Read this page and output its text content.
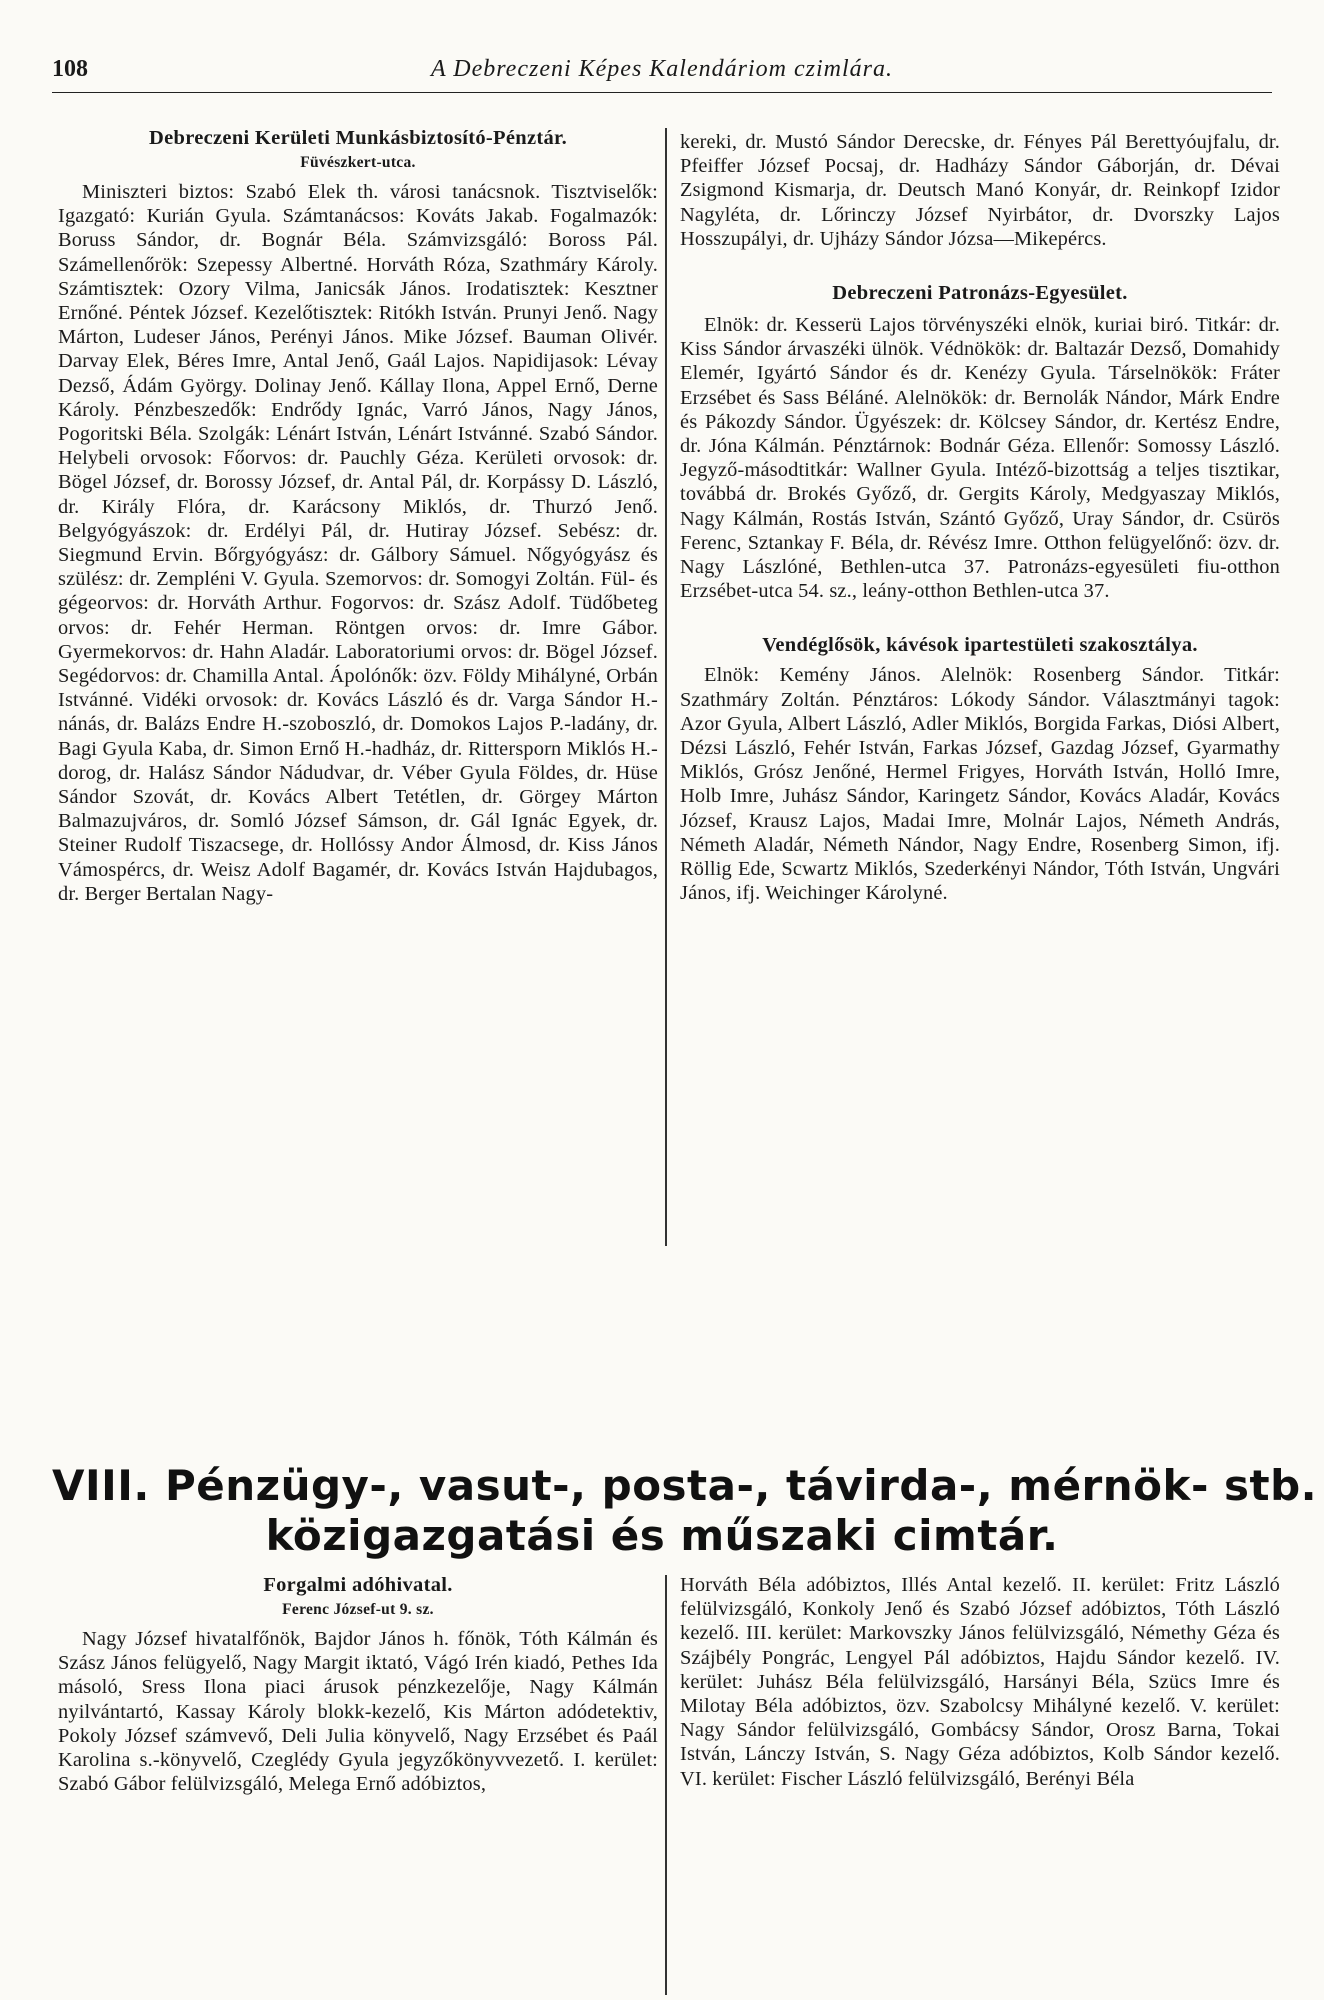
108	A Debreczeni Képes Kalendáriom czimlára.
Debreczeni Kerületi Munkásbiztosító-Pénztár.
Füvészkert-utca.

Miniszteri biztos: Szabó Elek th. városi tanácsnok. Tisztviselők: Igazgató: Kurián Gyula. Számtanácsos: Kováts Jakab. Fogalmazók: Boruss Sándor, dr. Bognár Béla. Számvizsgáló: Boross Pál. Számellenőrök: Szepessy Albertné. Horváth Róza, Szathmáry Károly. Számtisztek: Ozory Vilma, Janicsák János. Irodatisztek: Kesztner Ernőné. Péntek József. Kezelőtisztek: Ritókh István. Prunyi Jenő. Nagy Márton, Ludeser János, Perényi János. Mike József. Bauman Olivér. Darvay Elek, Béres Imre, Antal Jenő, Gaál Lajos. Napidijasok: Lévay Dezső, Ádám György. Dolinay Jenő. Kállay Ilona, Appel Ernő, Derne Károly. Pénzbeszedők: Endrődy Ignác, Varró János, Nagy János, Pogoritski Béla. Szolgák: Lénárt István, Lénárt Istvánné. Szabó Sándor. Helybeli orvosok: Főorvos: dr. Pauchly Géza. Kerületi orvosok: dr. Bögel József, dr. Borossy József, dr. Antal Pál, dr. Korpássy D. László, dr. Király Flóra, dr. Karácsony Miklós, dr. Thurzó Jenő. Belgyógyászok: dr. Erdélyi Pál, dr. Hutiray József. Sebész: dr. Siegmund Ervin. Bőrgyógyász: dr. Gálbory Sámuel. Nőgyógyász és szülész: dr. Zempléni V. Gyula. Szemorvos: dr. Somogyi Zoltán. Fül- és gégeorvos: dr. Horváth Arthur. Fogorvos: dr. Szász Adolf. Tüdőbeteg orvos: dr. Fehér Herman. Röntgen orvos: dr. Imre Gábor. Gyermekorvos: dr. Hahn Aladár. Laboratoriumi orvos: dr. Bögel József. Segédorvos: dr. Chamilla Antal. Ápolónők: özv. Földy Mihályné, Orbán Istvánné. Vidéki orvosok: dr. Kovács László és dr. Varga Sándor H.-nánás, dr. Balázs Endre H.-szoboszló, dr. Domokos Lajos P.-ladány, dr. Bagi Gyula Kaba, dr. Simon Ernő H.-hadház, dr. Rittersporn Miklós H.-dorog, dr. Halász Sándor Nádudvar, dr. Véber Gyula Földes, dr. Hüse Sándor Szovát, dr. Kovács Albert Tetétlen, dr. Görgey Márton Balmazujváros, dr. Somló József Sámson, dr. Gál Ignác Egyek, dr. Steiner Rudolf Tiszacsege, dr. Hollóssy Andor Álmosd, dr. Kiss János Vámospércs, dr. Weisz Adolf Bagamér, dr. Kovács István Hajdubagos, dr. Berger Bertalan Nagy-

kereki, dr. Mustó Sándor Derecske, dr. Fényes Pál Berettyóujfalu, dr. Pfeiffer József Pocsaj, dr. Hadházy Sándor Gáborján, dr. Dévai Zsigmond Kismarja, dr. Deutsch Manó Konyár, dr. Reinkopf Izidor Nagyléta, dr. Lőrinczy József Nyirbátor, dr. Dvorszky Lajos Hosszupályi, dr. Ujházy Sándor Józsa—Mikepércs.

Debreczeni Patronázs-Egyesület.

Elnök: dr. Kesserü Lajos törvényszéki elnök, kuriai biró. Titkár: dr. Kiss Sándor árvaszéki ülnök. Védnökök: dr. Baltazár Dezső, Domahidy Elemér, Igyártó Sándor és dr. Kenézy Gyula. Társelnökök: Fráter Erzsébet és Sass Béláné. Alelnökök: dr. Bernolák Nándor, Márk Endre és Pákozdy Sándor. Ügyészek: dr. Kölcsey Sándor, dr. Kertész Endre, dr. Jóna Kálmán. Pénztárnok: Bodnár Géza. Ellenőr: Somossy László. Jegyző-másodtitkár: Wallner Gyula. Intéző-bizottság a teljes tisztikar, továbbá dr. Brokés Győző, dr. Gergits Károly, Medgyaszay Miklós, Nagy Kálmán, Rostás István, Szántó Győző, Uray Sándor, dr. Csürös Ferenc, Sztankay F. Béla, dr. Révész Imre. Otthon felügyelőnő: özv. dr. Nagy Lászlóné, Bethlen-utca 37. Patronázs-egyesületi fiu-otthon Erzsébet-utca 54. sz., leány-otthon Bethlen-utca 37.

Vendéglősök, kávésok ipartestületi szakosztálya.

Elnök: Kemény János. Alelnök: Rosenberg Sándor. Titkár: Szathmáry Zoltán. Pénztáros: Lókody Sándor. Választmányi tagok: Azor Gyula, Albert László, Adler Miklós, Borgida Farkas, Diósi Albert, Dézsi László, Fehér István, Farkas József, Gazdag József, Gyarmathy Miklós, Grósz Jenőné, Hermel Frigyes, Horváth István, Holló Imre, Holb Imre, Juhász Sándor, Karingetz Sándor, Kovács Aladár, Kovács József, Krausz Lajos, Madai Imre, Molnár Lajos, Németh András, Németh Aladár, Németh Nándor, Nagy Endre, Rosenberg Simon, ifj. Röllig Ede, Scwartz Miklós, Szederkényi Nándor, Tóth István, Ungvári János, ifj. Weichinger Károlyné.

VIII. Pénzügy-, vasut-, posta-, távirda-, mérnök- stb.
közigazgatási és műszaki cimtár.
Forgalmi adóhivatal.
Ferenc József-ut 9. sz.

Nagy József hivatalfőnök, Bajdor János h. főnök, Tóth Kálmán és Szász János felügyelő, Nagy Margit iktató, Vágó Irén kiadó, Pethes Ida másoló, Sress Ilona piaci árusok pénzkezelője, Nagy Kálmán nyilvántartó, Kassay Károly blokk-kezelő, Kis Márton adódetektiv, Pokoly József számvevő, Deli Julia könyvelő, Nagy Erzsébet és Paál Karolina s.-könyvelő, Czeglédy Gyula jegyzőkönyvvezető. I. kerület: Szabó Gábor felülvizsgáló, Melega Ernő adóbiztos,

Horváth Béla adóbiztos, Illés Antal kezelő. II. kerület: Fritz László felülvizsgáló, Konkoly Jenő és Szabó József adóbiztos, Tóth László kezelő. III. kerület: Markovszky János felülvizsgáló, Némethy Géza és Szájbély Pongrác, Lengyel Pál adóbiztos, Hajdu Sándor kezelő. IV. kerület: Juhász Béla felülvizsgáló, Harsányi Béla, Szücs Imre és Milotay Béla adóbiztos, özv. Szabolcsy Mihályné kezelő. V. kerület: Nagy Sándor felülvizsgáló, Gombácsy Sándor, Orosz Barna, Tokai István, Lánczy István, S. Nagy Géza adóbiztos, Kolb Sándor kezelő. VI. kerület: Fischer László felülvizsgáló, Berényi Béla
